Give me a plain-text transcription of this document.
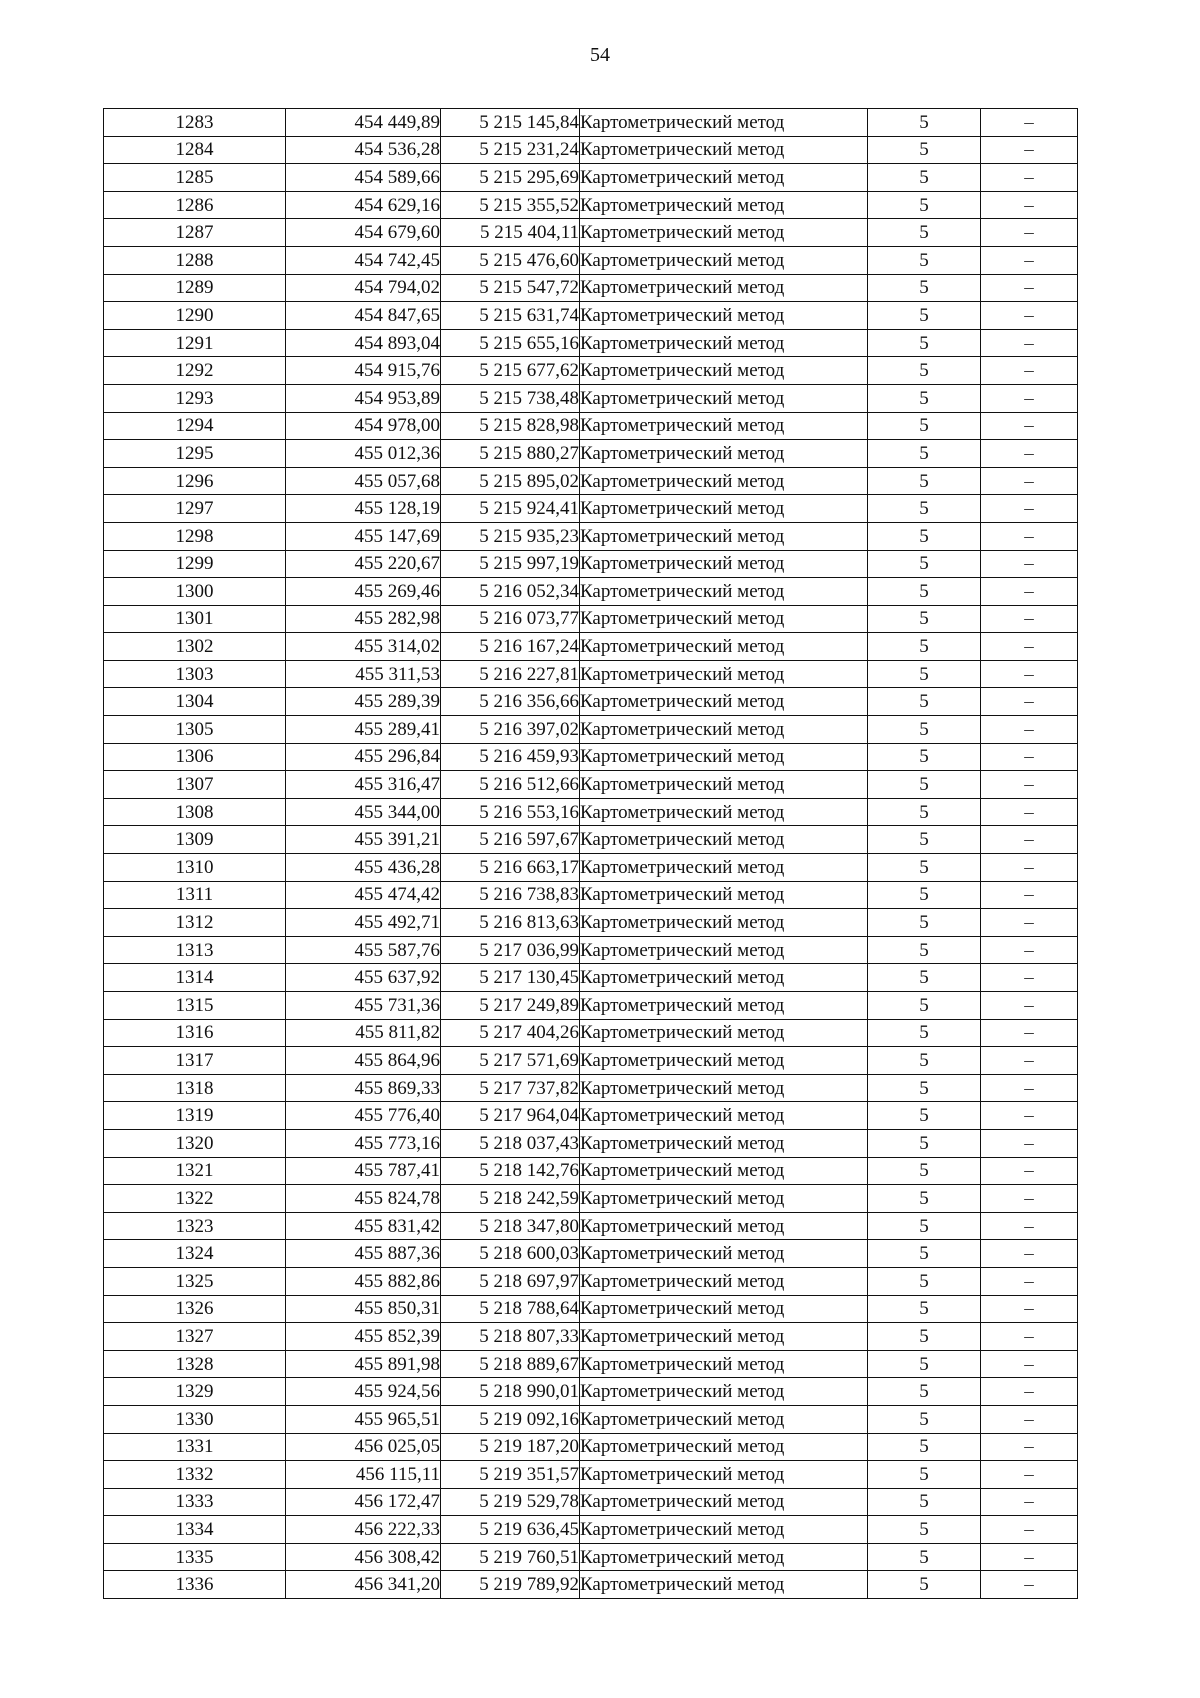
54
1283	454 449,89	5 215 145,84	Картометрический метод	5	–
1284	454 536,28	5 215 231,24	Картометрический метод	5	–
1285	454 589,66	5 215 295,69	Картометрический метод	5	–
1286	454 629,16	5 215 355,52	Картометрический метод	5	–
1287	454 679,60	5 215 404,11	Картометрический метод	5	–
1288	454 742,45	5 215 476,60	Картометрический метод	5	–
1289	454 794,02	5 215 547,72	Картометрический метод	5	–
1290	454 847,65	5 215 631,74	Картометрический метод	5	–
1291	454 893,04	5 215 655,16	Картометрический метод	5	–
1292	454 915,76	5 215 677,62	Картометрический метод	5	–
1293	454 953,89	5 215 738,48	Картометрический метод	5	–
1294	454 978,00	5 215 828,98	Картометрический метод	5	–
1295	455 012,36	5 215 880,27	Картометрический метод	5	–
1296	455 057,68	5 215 895,02	Картометрический метод	5	–
1297	455 128,19	5 215 924,41	Картометрический метод	5	–
1298	455 147,69	5 215 935,23	Картометрический метод	5	–
1299	455 220,67	5 215 997,19	Картометрический метод	5	–
1300	455 269,46	5 216 052,34	Картометрический метод	5	–
1301	455 282,98	5 216 073,77	Картометрический метод	5	–
1302	455 314,02	5 216 167,24	Картометрический метод	5	–
1303	455 311,53	5 216 227,81	Картометрический метод	5	–
1304	455 289,39	5 216 356,66	Картометрический метод	5	–
1305	455 289,41	5 216 397,02	Картометрический метод	5	–
1306	455 296,84	5 216 459,93	Картометрический метод	5	–
1307	455 316,47	5 216 512,66	Картометрический метод	5	–
1308	455 344,00	5 216 553,16	Картометрический метод	5	–
1309	455 391,21	5 216 597,67	Картометрический метод	5	–
1310	455 436,28	5 216 663,17	Картометрический метод	5	–
1311	455 474,42	5 216 738,83	Картометрический метод	5	–
1312	455 492,71	5 216 813,63	Картометрический метод	5	–
1313	455 587,76	5 217 036,99	Картометрический метод	5	–
1314	455 637,92	5 217 130,45	Картометрический метод	5	–
1315	455 731,36	5 217 249,89	Картометрический метод	5	–
1316	455 811,82	5 217 404,26	Картометрический метод	5	–
1317	455 864,96	5 217 571,69	Картометрический метод	5	–
1318	455 869,33	5 217 737,82	Картометрический метод	5	–
1319	455 776,40	5 217 964,04	Картометрический метод	5	–
1320	455 773,16	5 218 037,43	Картометрический метод	5	–
1321	455 787,41	5 218 142,76	Картометрический метод	5	–
1322	455 824,78	5 218 242,59	Картометрический метод	5	–
1323	455 831,42	5 218 347,80	Картометрический метод	5	–
1324	455 887,36	5 218 600,03	Картометрический метод	5	–
1325	455 882,86	5 218 697,97	Картометрический метод	5	–
1326	455 850,31	5 218 788,64	Картометрический метод	5	–
1327	455 852,39	5 218 807,33	Картометрический метод	5	–
1328	455 891,98	5 218 889,67	Картометрический метод	5	–
1329	455 924,56	5 218 990,01	Картометрический метод	5	–
1330	455 965,51	5 219 092,16	Картометрический метод	5	–
1331	456 025,05	5 219 187,20	Картометрический метод	5	–
1332	456 115,11	5 219 351,57	Картометрический метод	5	–
1333	456 172,47	5 219 529,78	Картометрический метод	5	–
1334	456 222,33	5 219 636,45	Картометрический метод	5	–
1335	456 308,42	5 219 760,51	Картометрический метод	5	–
1336	456 341,20	5 219 789,92	Картометрический метод	5	–
